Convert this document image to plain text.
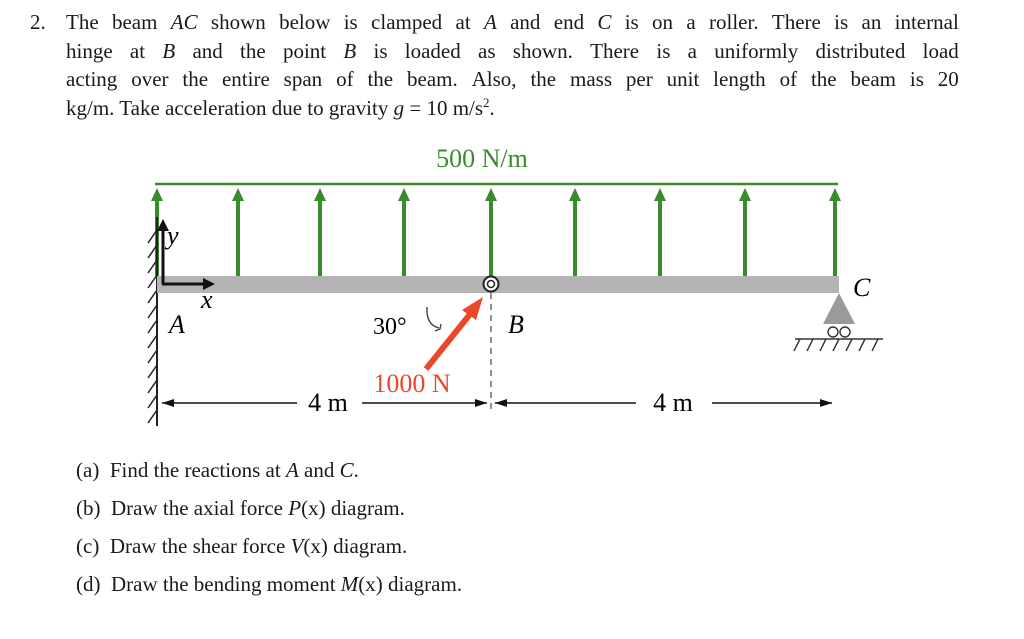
2. The beam AC shown below is clamped at A and end C is on a roller. There is an internal
hinge at B and the point B is loaded as shown. There is a uniformly distributed load
acting over the entire span of the beam. Also, the mass per unit length of the beam is 20
kg/m. Take acceleration due to gravity g = 10 $m/s^2$.
500 N/m
y
x
A	B
1000 N
30°
C
4 m	4 m
(a) Find the reactions at A and C.
(b) Draw the axial force P(x) diagram.
(c) Draw the shear force V(x) diagram.
(d) Draw the bending moment M(x) diagram.
